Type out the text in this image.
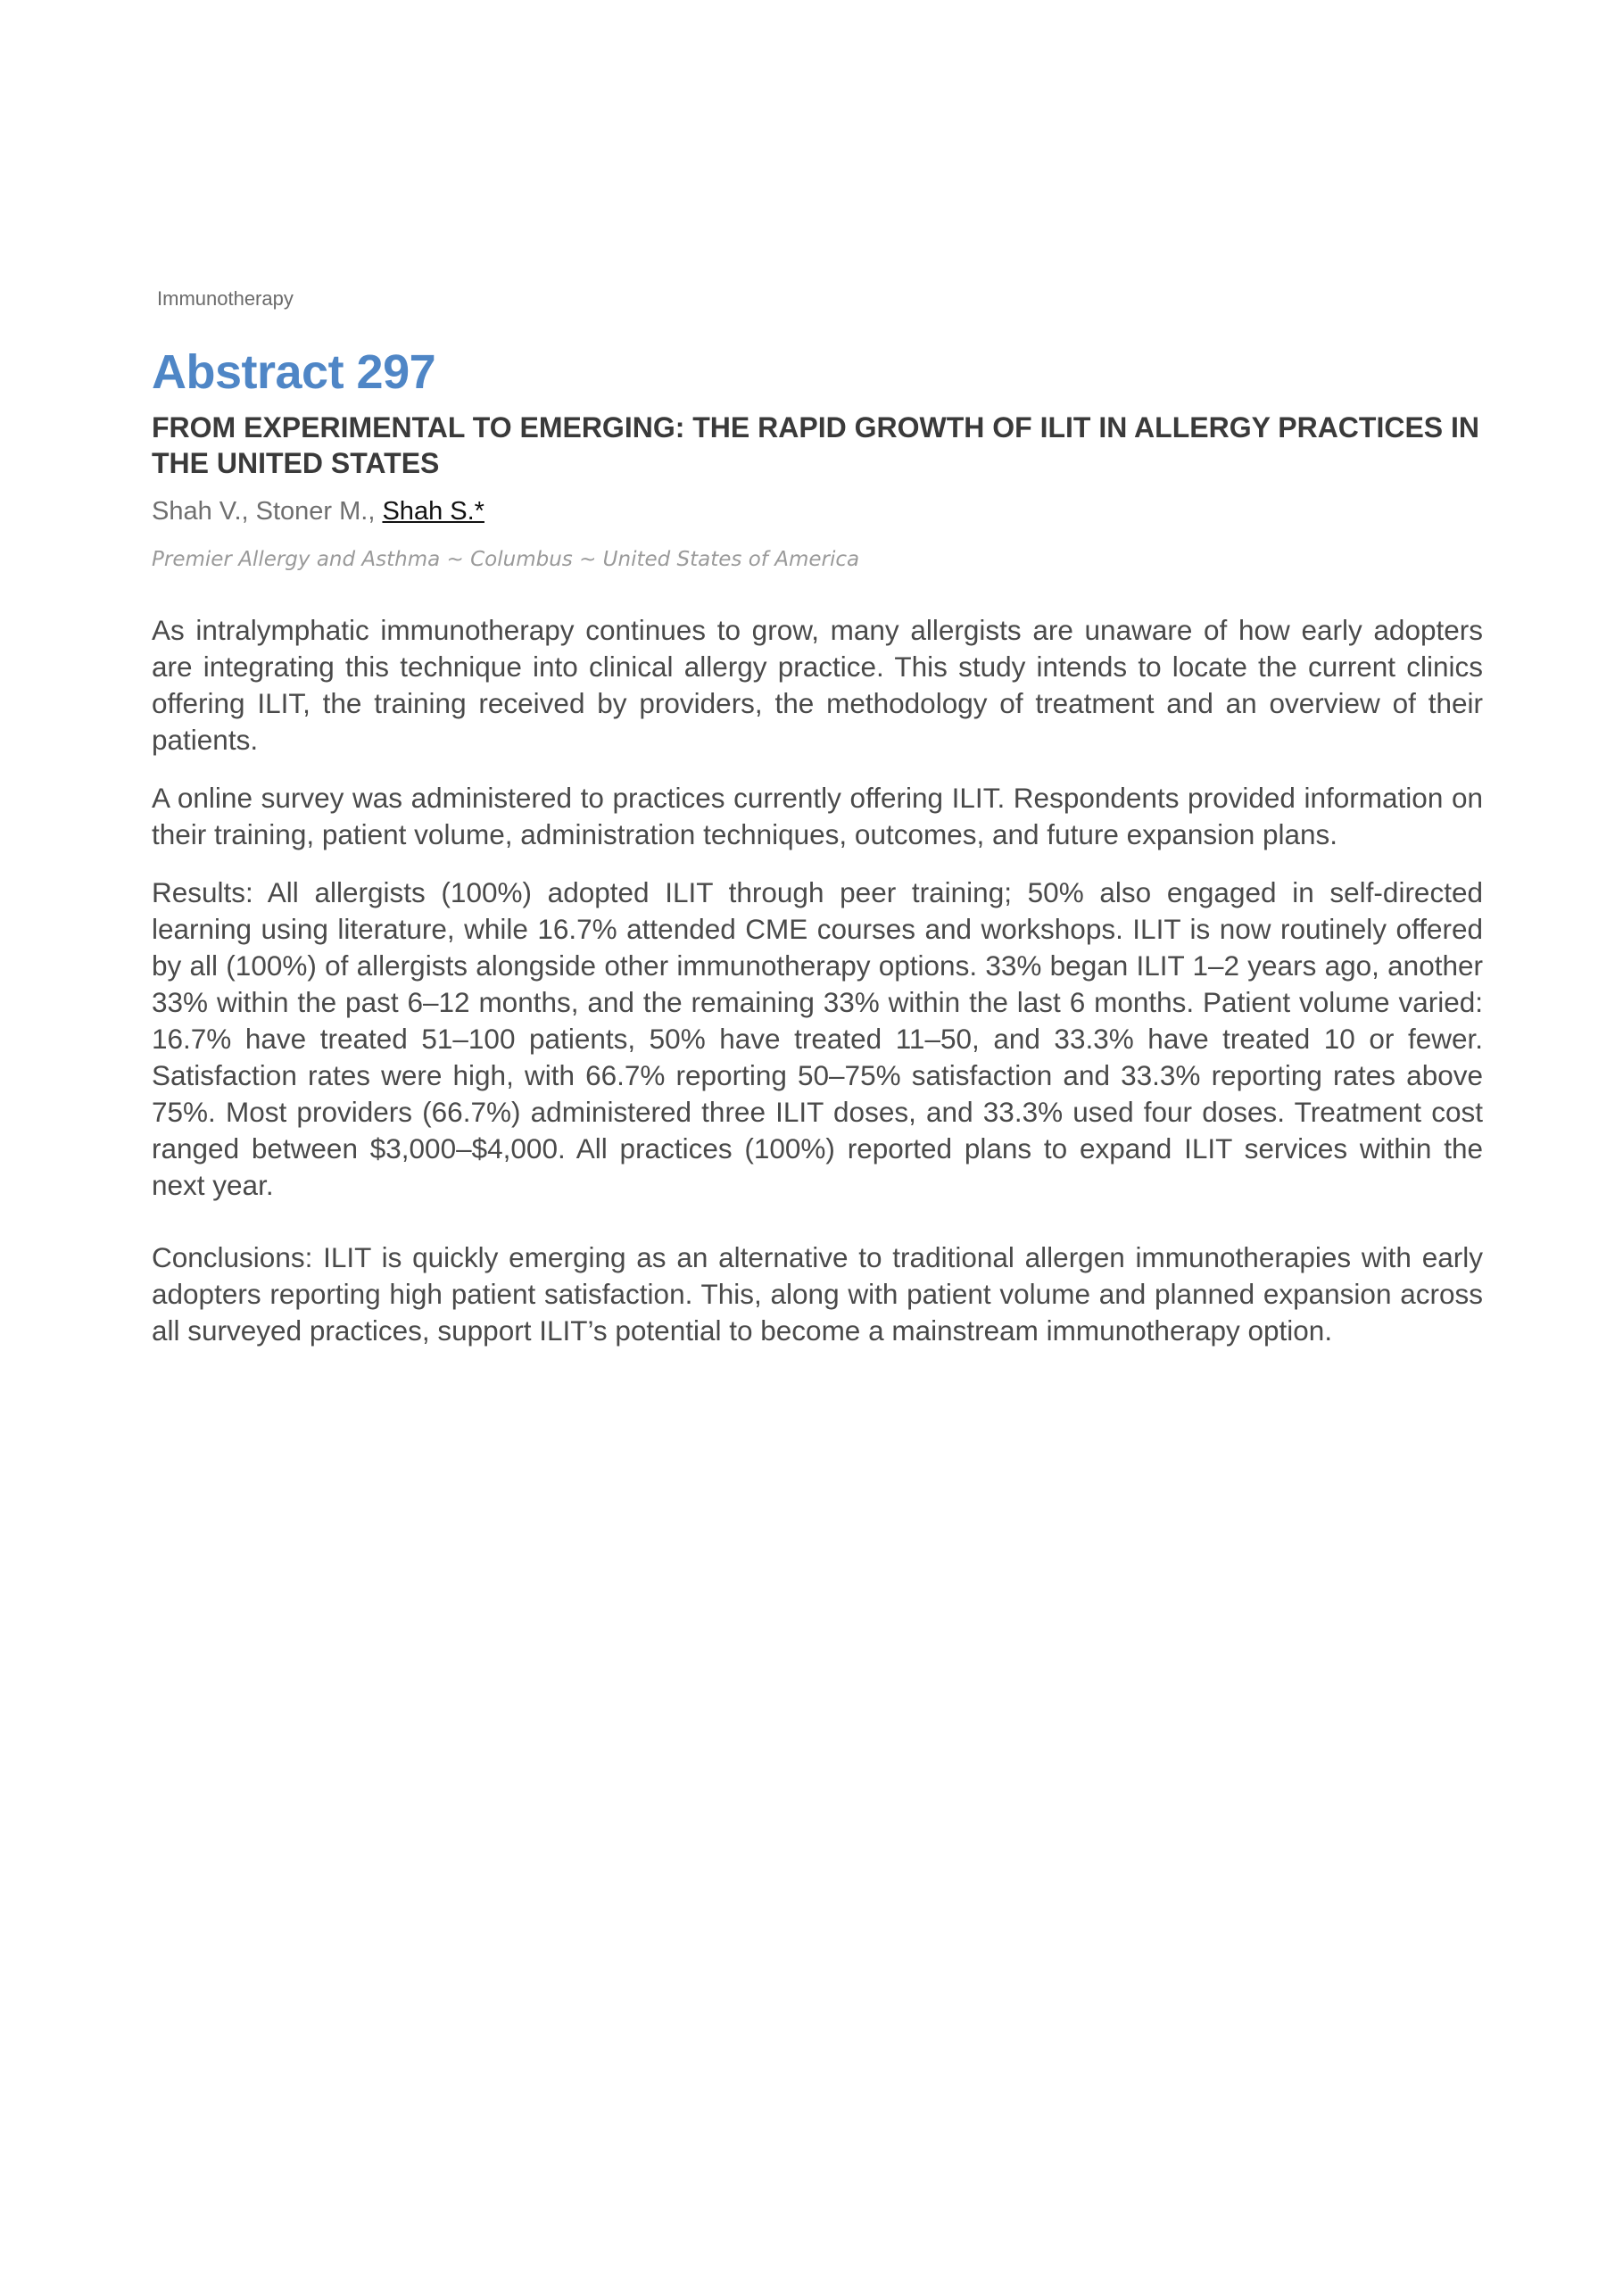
Immunotherapy
Abstract 297
FROM EXPERIMENTAL TO EMERGING: THE RAPID GROWTH OF ILIT IN ALLERGY PRACTICES IN THE UNITED STATES
Shah V., Stoner M., Shah S.*
Premier Allergy and Asthma ~ Columbus ~ United States of America

As intralymphatic immunotherapy continues to grow, many allergists are unaware of how early adopters are integrating this technique into clinical allergy practice. This study intends to locate the current clinics offering ILIT, the training received by providers, the methodology of treatment and an overview of their patients.

A online survey was administered to practices currently offering ILIT. Respondents provided information on their training, patient volume, administration techniques, outcomes, and future expansion plans.

Results: All allergists (100%) adopted ILIT through peer training; 50% also engaged in self-directed learning using literature, while 16.7% attended CME courses and workshops. ILIT is now routinely offered by all (100%) of allergists alongside other immunotherapy options. 33% began ILIT 1–2 years ago, another 33% within the past 6–12 months, and the remaining 33% within the last 6 months. Patient volume varied: 16.7% have treated 51–100 patients, 50% have treated 11–50, and 33.3% have treated 10 or fewer. Satisfaction rates were high, with 66.7% reporting 50–75% satisfaction and 33.3% reporting rates above 75%. Most providers (66.7%) administered three ILIT doses, and 33.3% used four doses. Treatment cost ranged between $3,000–$4,000. All practices (100%) reported plans to expand ILIT services within the next year.

Conclusions: ILIT is quickly emerging as an alternative to traditional allergen immunotherapies with early adopters reporting high patient satisfaction. This, along with patient volume and planned expansion across all surveyed practices, support ILIT’s potential to become a mainstream immunotherapy option.
